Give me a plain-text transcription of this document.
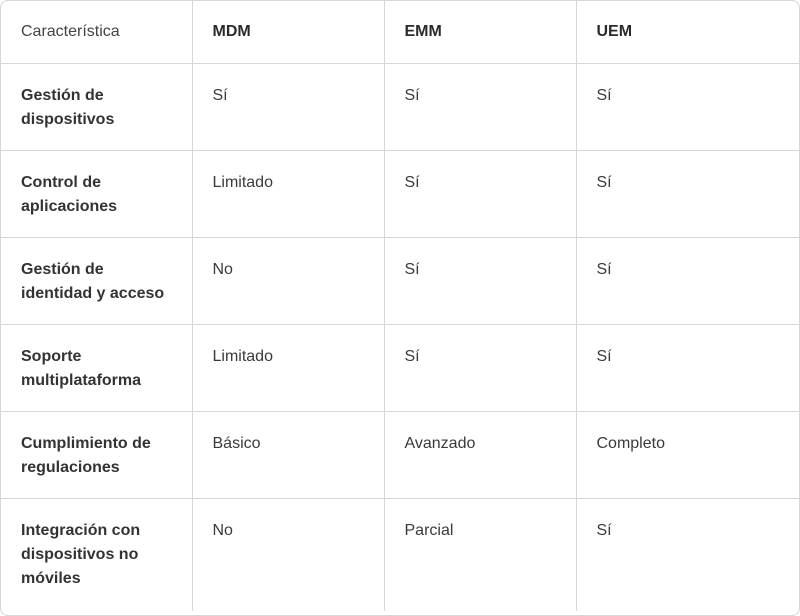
Característica	MDM	EMM	UEM
Gestión de dispositivos	Sí	Sí	Sí
Control de aplicaciones	Limitado	Sí	Sí
Gestión de identidad y acceso	No	Sí	Sí
Soporte multiplataforma	Limitado	Sí	Sí
Cumplimiento de regulaciones	Básico	Avanzado	Completo
Integración con dispositivos no móviles	No	Parcial	Sí
